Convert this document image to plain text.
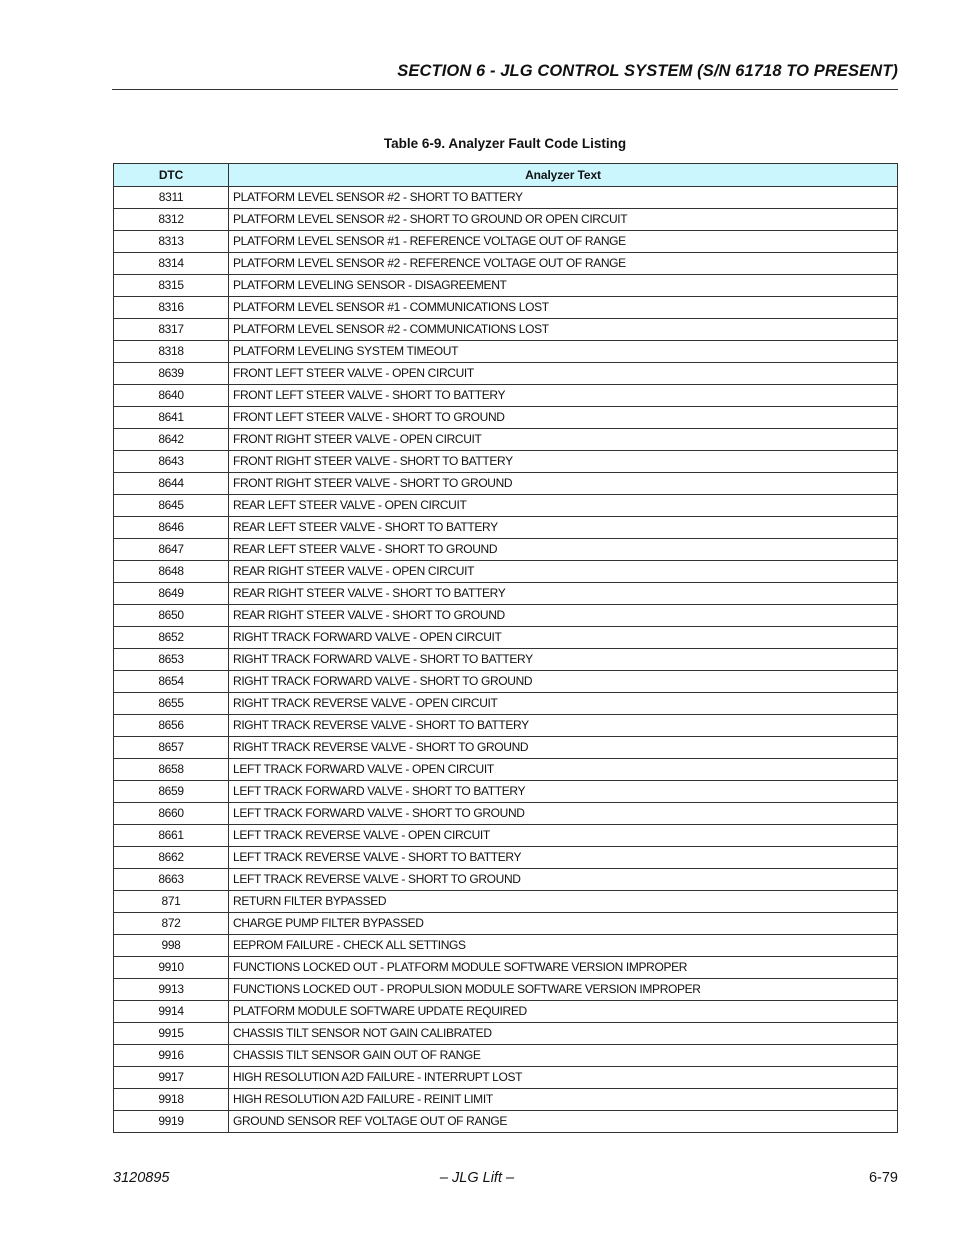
SECTION 6 - JLG CONTROL SYSTEM (S/N 61718 TO PRESENT)
Table 6-9. Analyzer Fault Code Listing
DTC	Analyzer Text
8311	PLATFORM LEVEL SENSOR #2 - SHORT TO BATTERY
8312	PLATFORM LEVEL SENSOR #2 - SHORT TO GROUND OR OPEN CIRCUIT
8313	PLATFORM LEVEL SENSOR #1 - REFERENCE VOLTAGE OUT OF RANGE
8314	PLATFORM LEVEL SENSOR #2 - REFERENCE VOLTAGE OUT OF RANGE
8315	PLATFORM LEVELING SENSOR - DISAGREEMENT
8316	PLATFORM LEVEL SENSOR #1 - COMMUNICATIONS LOST
8317	PLATFORM LEVEL SENSOR #2 - COMMUNICATIONS LOST
8318	PLATFORM LEVELING SYSTEM TIMEOUT
8639	FRONT LEFT STEER VALVE - OPEN CIRCUIT
8640	FRONT LEFT STEER VALVE - SHORT TO BATTERY
8641	FRONT LEFT STEER VALVE - SHORT TO GROUND
8642	FRONT RIGHT STEER VALVE - OPEN CIRCUIT
8643	FRONT RIGHT STEER VALVE - SHORT TO BATTERY
8644	FRONT RIGHT STEER VALVE - SHORT TO GROUND
8645	REAR LEFT STEER VALVE - OPEN CIRCUIT
8646	REAR LEFT STEER VALVE - SHORT TO BATTERY
8647	REAR LEFT STEER VALVE - SHORT TO GROUND
8648	REAR RIGHT STEER VALVE - OPEN CIRCUIT
8649	REAR RIGHT STEER VALVE - SHORT TO BATTERY
8650	REAR RIGHT STEER VALVE - SHORT TO GROUND
8652	RIGHT TRACK FORWARD VALVE - OPEN CIRCUIT
8653	RIGHT TRACK FORWARD VALVE - SHORT TO BATTERY
8654	RIGHT TRACK FORWARD VALVE - SHORT TO GROUND
8655	RIGHT TRACK REVERSE VALVE - OPEN CIRCUIT
8656	RIGHT TRACK REVERSE VALVE - SHORT TO BATTERY
8657	RIGHT TRACK REVERSE VALVE - SHORT TO GROUND
8658	LEFT TRACK FORWARD VALVE - OPEN CIRCUIT
8659	LEFT TRACK FORWARD VALVE - SHORT TO BATTERY
8660	LEFT TRACK FORWARD VALVE - SHORT TO GROUND
8661	LEFT TRACK REVERSE VALVE - OPEN CIRCUIT
8662	LEFT TRACK REVERSE VALVE - SHORT TO BATTERY
8663	LEFT TRACK REVERSE VALVE - SHORT TO GROUND
871	RETURN FILTER BYPASSED
872	CHARGE PUMP FILTER BYPASSED
998	EEPROM FAILURE - CHECK ALL SETTINGS
9910	FUNCTIONS LOCKED OUT - PLATFORM MODULE SOFTWARE VERSION IMPROPER
9913	FUNCTIONS LOCKED OUT - PROPULSION MODULE SOFTWARE VERSION IMPROPER
9914	PLATFORM MODULE SOFTWARE UPDATE REQUIRED
9915	CHASSIS TILT SENSOR NOT GAIN CALIBRATED
9916	CHASSIS TILT SENSOR GAIN OUT OF RANGE
9917	HIGH RESOLUTION A2D FAILURE - INTERRUPT LOST
9918	HIGH RESOLUTION A2D FAILURE - REINIT LIMIT
9919	GROUND SENSOR REF VOLTAGE OUT OF RANGE
3120895	– JLG Lift –	6-79
